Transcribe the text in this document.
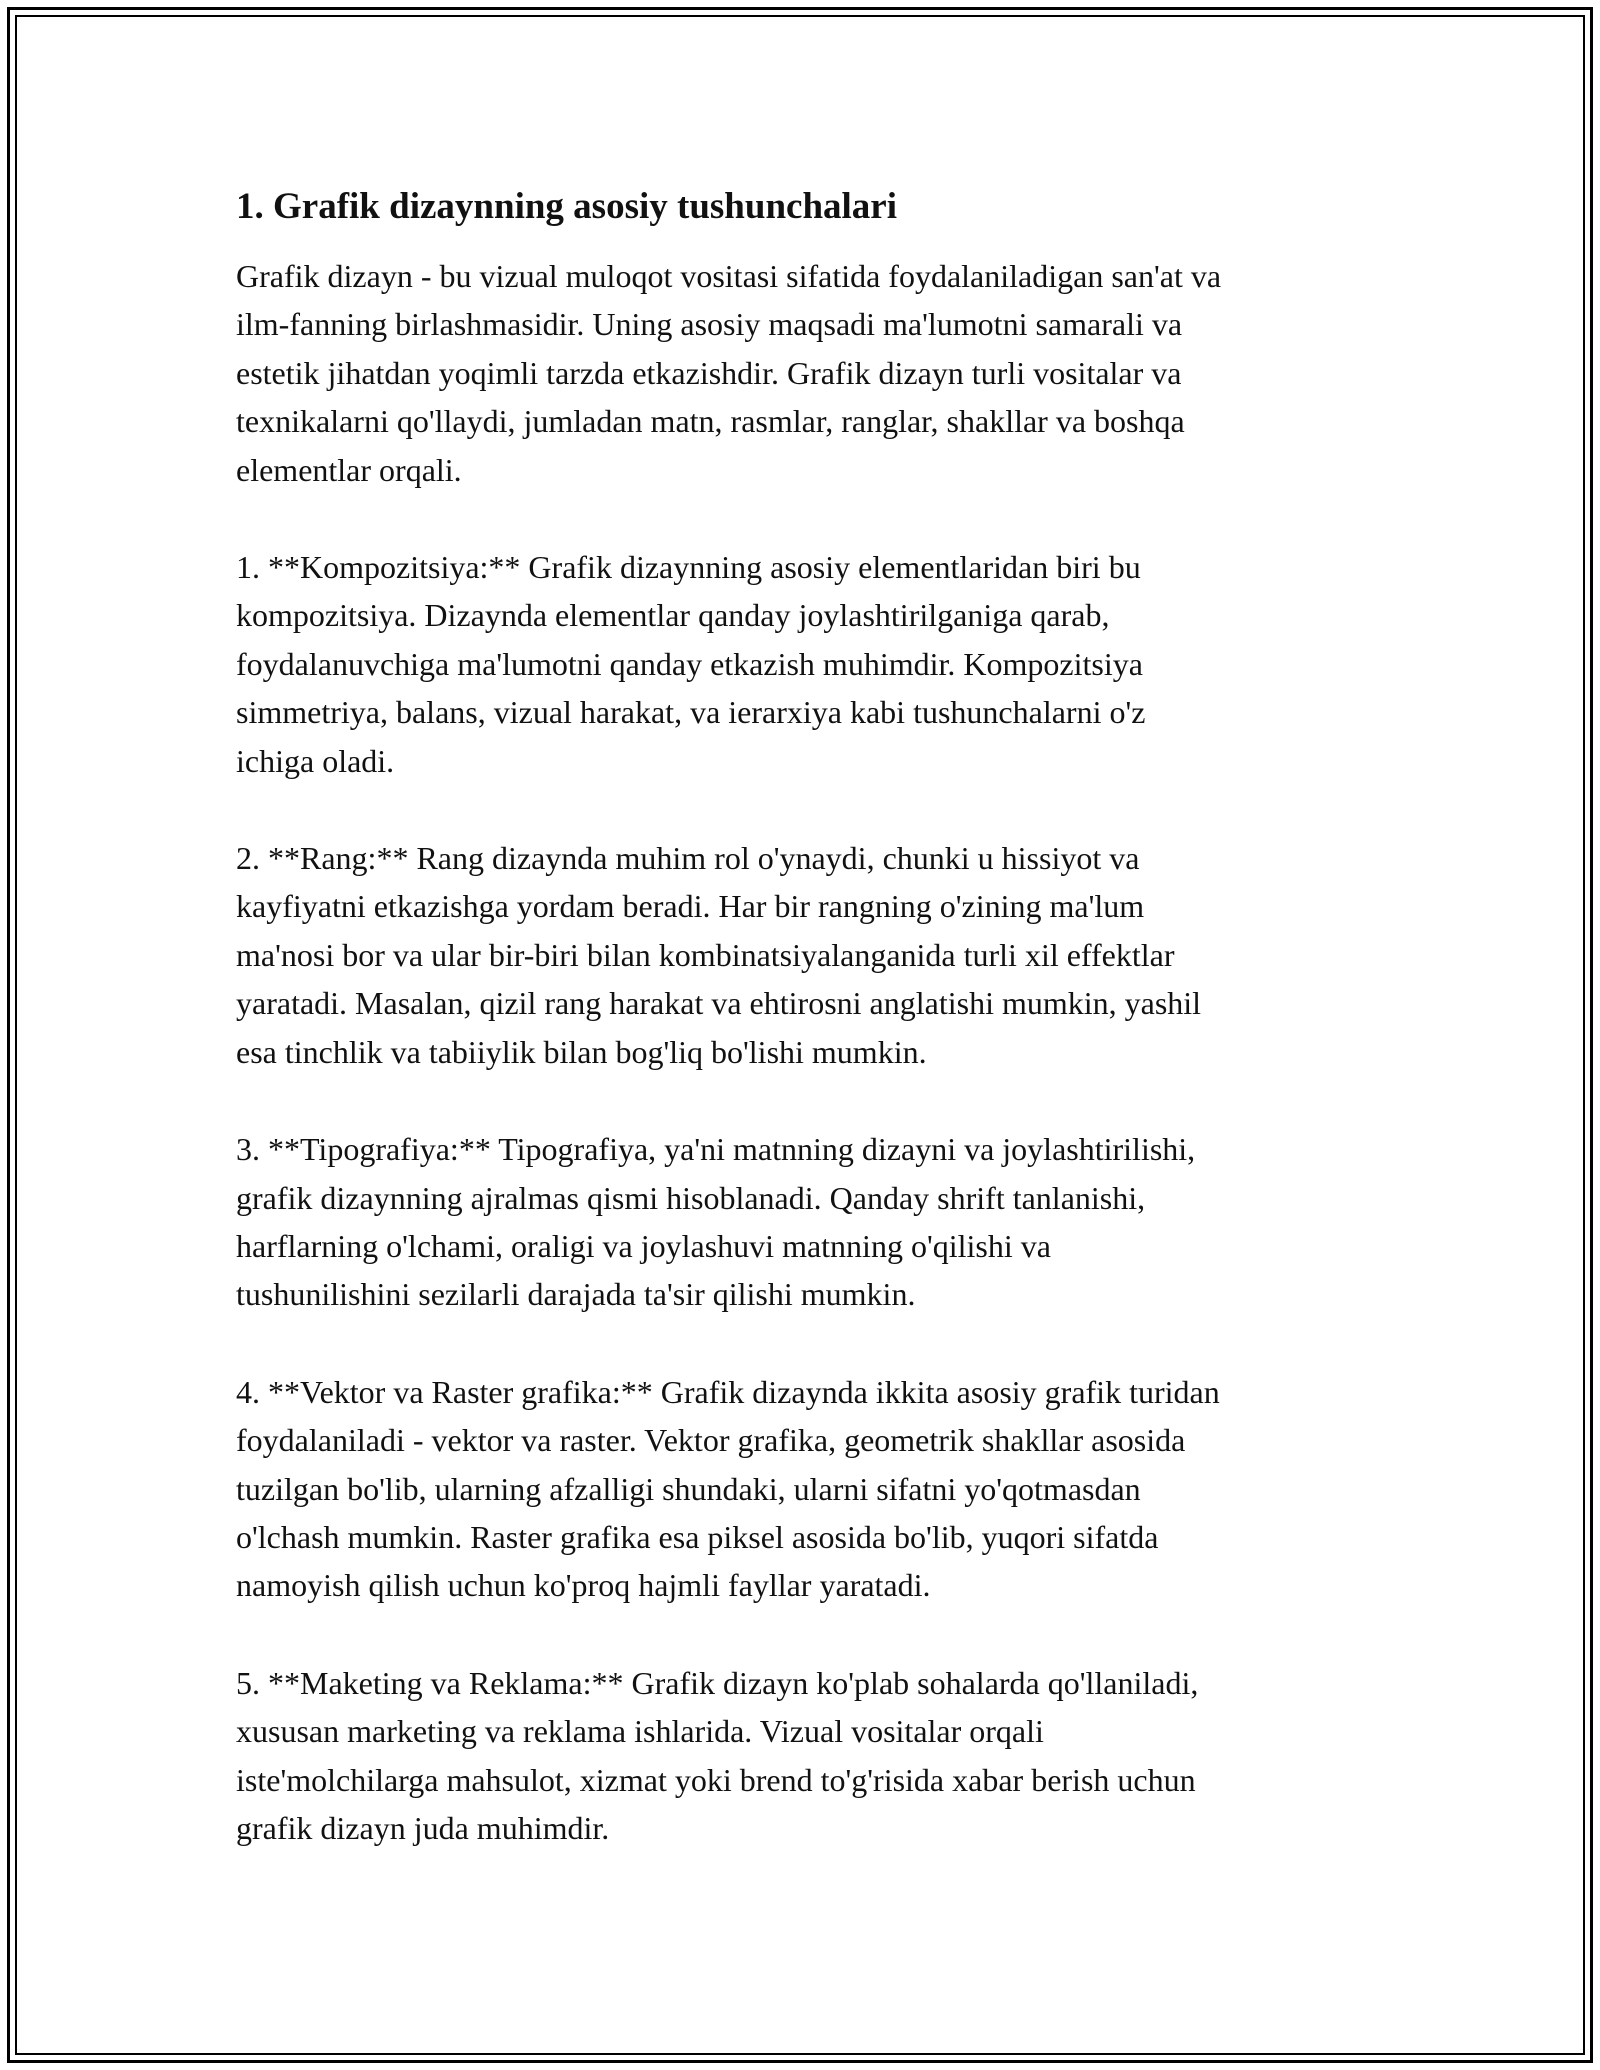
1. Grafik dizaynning asosiy tushunchalari

Grafik dizayn - bu vizual muloqot vositasi sifatida foydalaniladigan san'at va
ilm-fanning birlashmasidir. Uning asosiy maqsadi ma'lumotni samarali va
estetik jihatdan yoqimli tarzda etkazishdir. Grafik dizayn turli vositalar va
texnikalarni qo'llaydi, jumladan matn, rasmlar, ranglar, shakllar va boshqa
elementlar orqali.

1. **Kompozitsiya:** Grafik dizaynning asosiy elementlaridan biri bu
kompozitsiya. Dizaynda elementlar qanday joylashtirilganiga qarab,
foydalanuvchiga ma'lumotni qanday etkazish muhimdir. Kompozitsiya
simmetriya, balans, vizual harakat, va ierarxiya kabi tushunchalarni o'z
ichiga oladi.

2. **Rang:** Rang dizaynda muhim rol o'ynaydi, chunki u hissiyot va
kayfiyatni etkazishga yordam beradi. Har bir rangning o'zining ma'lum
ma'nosi bor va ular bir-biri bilan kombinatsiyalanganida turli xil effektlar
yaratadi. Masalan, qizil rang harakat va ehtirosni anglatishi mumkin, yashil
esa tinchlik va tabiiylik bilan bog'liq bo'lishi mumkin.

3. **Tipografiya:** Tipografiya, ya'ni matnning dizayni va joylashtirilishi,
grafik dizaynning ajralmas qismi hisoblanadi. Qanday shrift tanlanishi,
harflarning o'lchami, oraligi va joylashuvi matnning o'qilishi va
tushunilishini sezilarli darajada ta'sir qilishi mumkin.

4. **Vektor va Raster grafika:** Grafik dizaynda ikkita asosiy grafik turidan
foydalaniladi - vektor va raster. Vektor grafika, geometrik shakllar asosida
tuzilgan bo'lib, ularning afzalligi shundaki, ularni sifatni yo'qotmasdan
o'lchash mumkin. Raster grafika esa piksel asosida bo'lib, yuqori sifatda
namoyish qilish uchun ko'proq hajmli fayllar yaratadi.

5. **Maketing va Reklama:** Grafik dizayn ko'plab sohalarda qo'llaniladi,
xususan marketing va reklama ishlarida. Vizual vositalar orqali
iste'molchilarga mahsulot, xizmat yoki brend to'g'risida xabar berish uchun
grafik dizayn juda muhimdir.
